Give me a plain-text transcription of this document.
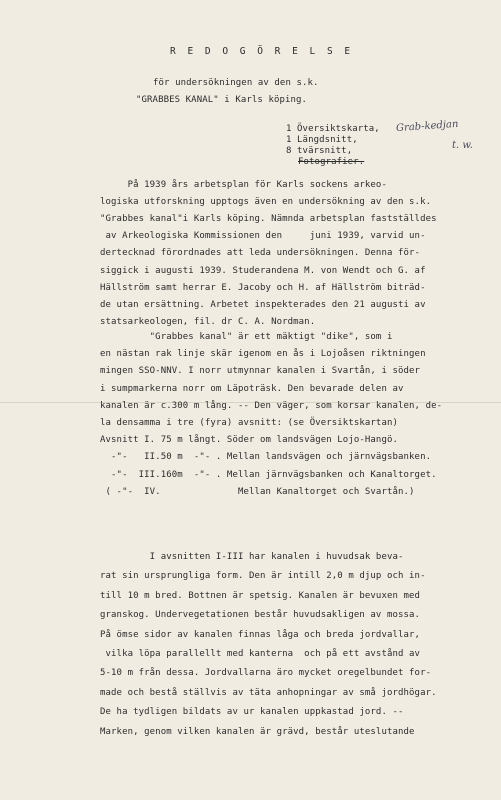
R E D O G Ö R E L S E
för undersökningen av den s.k.
"GRABBES KANAL" i Karls köping.
1 Översiktskarta,
1 Längdsnitt,
8 tvärsnitt,
Fotografier.
Grab-kedjan
t. w.
På 1939 års arbetsplan för Karls sockens arkeo-
logiska utforskning upptogs även en undersökning av den s.k.
"Grabbes kanal"i Karls köping. Nämnda arbetsplan fastställdes
av Arkeologiska Kommissionen den     juni 1939, varvid un-
dertecknad förordnades att leda undersökningen. Denna för-
siggick i augusti 1939. Studerandena M. von Wendt och G. af
Hällström samt herrar E. Jacoby och H. af Hällström biträd-
de utan ersättning. Arbetet inspekterades den 21 augusti av
statsarkeologen, fil. dr C. A. Nordman.
"Grabbes kanal" är ett mäktigt "dike", som i
en nästan rak linje skär igenom en ås i Lojoåsen riktningen
mingen SSO-NNV. I norr utmynnar kanalen i Svartån, i söder
i sumpmarkerna norr om Läpoträsk. Den bevarade delen av
kanalen är c.300 m lång. -- Den väger, som korsar kanalen, de-
la densamma i tre (fyra) avsnitt: (se Översiktskartan)
Avsnitt I. 75 m långt. Söder om landsvägen Lojo-Hangö.
-"-   II.50 m  -"- . Mellan landsvägen och järnvägsbanken.
-"-  III.160m  -"- . Mellan järnvägsbanken och Kanaltorget.
( -"-  IV.              Mellan Kanaltorget och Svartån.)
I avsnitten I-III har kanalen i huvudsak beva-
rat sin ursprungliga form. Den är intill 2,0 m djup och in-
till 10 m bred. Bottnen är spetsig. Kanalen är bevuxen med
granskog. Undervegetationen består huvudsakligen av mossa.
På ömse sidor av kanalen finnas låga och breda jordvallar,
vilka löpa parallellt med kanterna  och på ett avstånd av
5-10 m från dessa. Jordvallarna äro mycket oregelbundet for-
made och bestå ställvis av täta anhopningar av små jordhögar.
De ha tydligen bildats av ur kanalen uppkastad jord. --
Marken, genom vilken kanalen är grävd, består uteslutande
